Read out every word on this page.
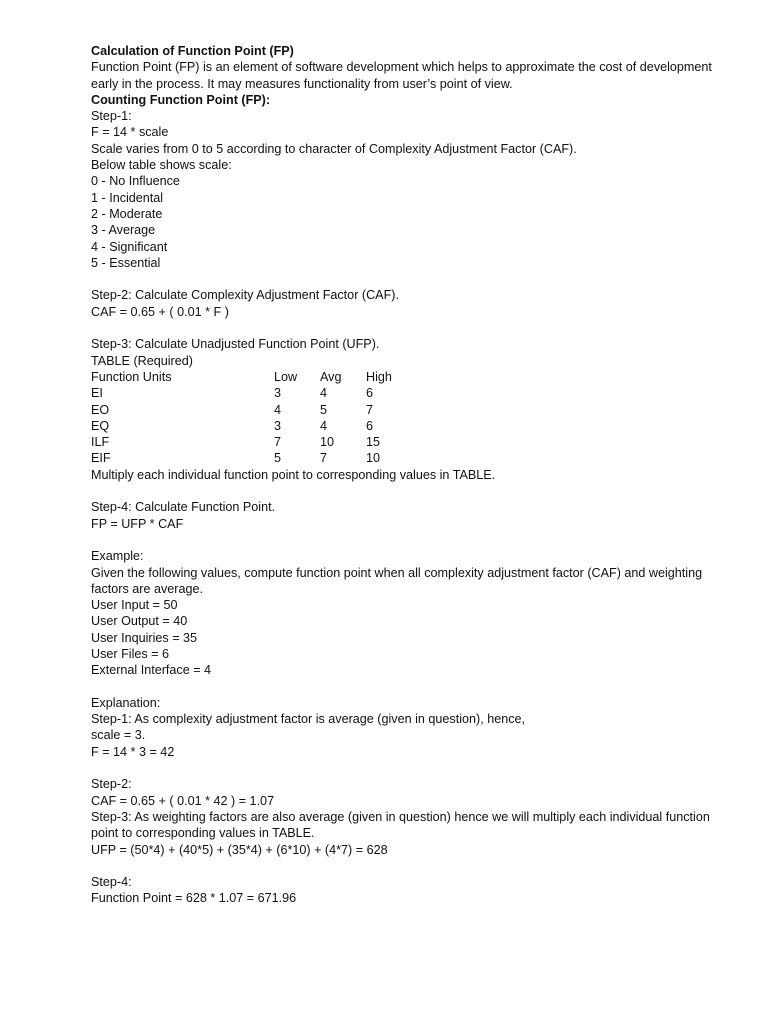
Calculation of Function Point (FP)
Function Point (FP) is an element of software development which helps to approximate the cost of development early in the process. It may measures functionality from user’s point of view.
Counting Function Point (FP):
Step-1:
F = 14 * scale
Scale varies from 0 to 5 according to character of Complexity Adjustment Factor (CAF).
Below table shows scale:
0 - No Influence
1 - Incidental
2 - Moderate
3 - Average
4 - Significant
5 - Essential
Step-2: Calculate Complexity Adjustment Factor (CAF).
CAF = 0.65 + ( 0.01 * F )
Step-3: Calculate Unadjusted Function Point (UFP).
TABLE (Required)
Function Units	Low	Avg	High
EI	3	4	6
EO	4	5	7
EQ	3	4	6
ILF	7	10	15
EIF	5	7	10
Multiply each individual function point to corresponding values in TABLE.
Step-4: Calculate Function Point.
FP = UFP * CAF
Example:
Given the following values, compute function point when all complexity adjustment factor (CAF) and weighting factors are average.
User Input = 50
User Output = 40
User Inquiries = 35
User Files = 6
External Interface = 4
Explanation:
Step-1: As complexity adjustment factor is average (given in question), hence,
scale = 3.
F = 14 * 3 = 42
Step-2:
CAF = 0.65 + ( 0.01 * 42 ) = 1.07
Step-3: As weighting factors are also average (given in question) hence we will multiply each individual function point to corresponding values in TABLE.
UFP = (50*4) + (40*5) + (35*4) + (6*10) + (4*7) = 628
Step-4:
Function Point = 628 * 1.07 = 671.96
